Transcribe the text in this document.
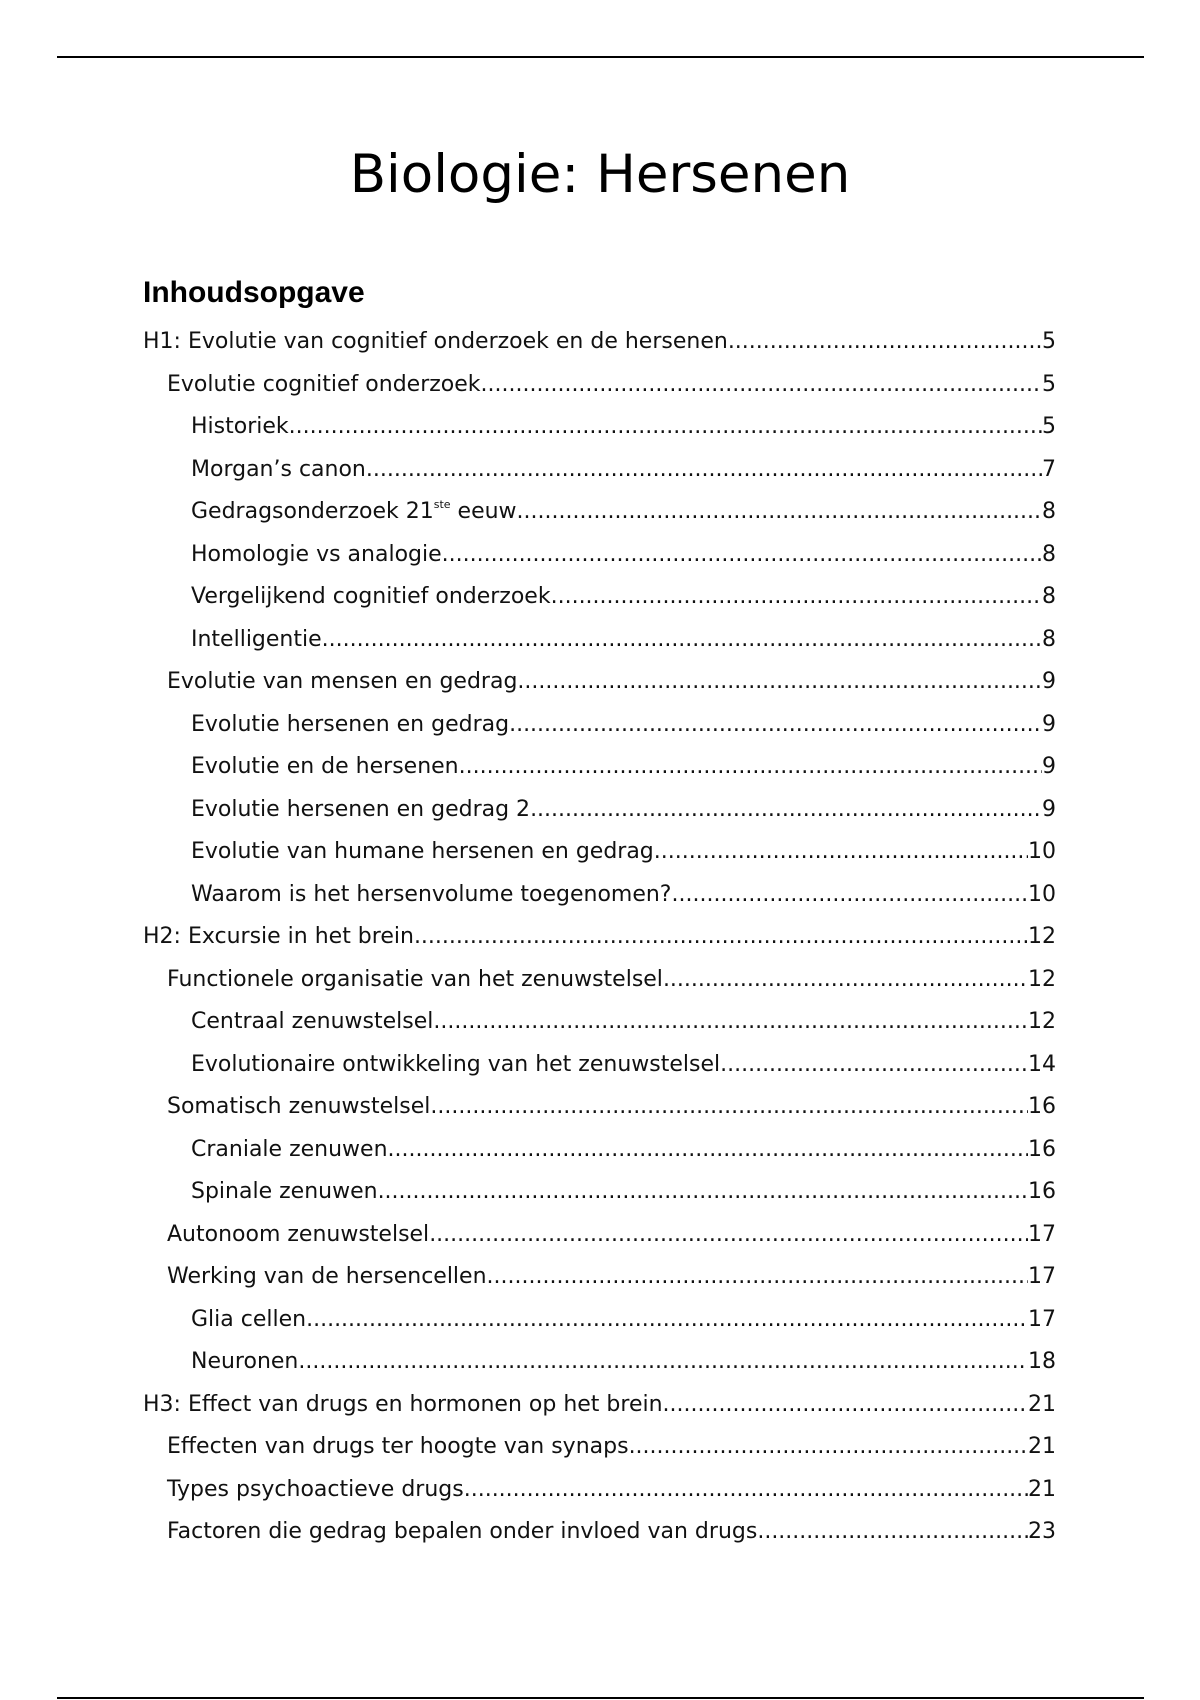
Biologie: Hersenen
Inhoudsopgave
H1: Evolutie van cognitief onderzoek en de hersenen .....	5
Evolutie cognitief onderzoek .....	5
Historiek .....	5
Morgan’s canon .....	7
Gedragsonderzoek 21ste eeuw .....	8
Homologie vs analogie .....	8
Vergelijkend cognitief onderzoek .....	8
Intelligentie .....	8
Evolutie van mensen en gedrag .....	9
Evolutie hersenen en gedrag .....	9
Evolutie en de hersenen .....	9
Evolutie hersenen en gedrag 2 .....	9
Evolutie van humane hersenen en gedrag .....	10
Waarom is het hersenvolume toegenomen? .....	10
H2: Excursie in het brein .....	12
Functionele organisatie van het zenuwstelsel .....	12
Centraal zenuwstelsel .....	12
Evolutionaire ontwikkeling van het zenuwstelsel .....	14
Somatisch zenuwstelsel .....	16
Craniale zenuwen .....	16
Spinale zenuwen .....	16
Autonoom zenuwstelsel .....	17
Werking van de hersencellen .....	17
Glia cellen .....	17
Neuronen .....	18
H3: Effect van drugs en hormonen op het brein .....	21
Effecten van drugs ter hoogte van synaps .....	21
Types psychoactieve drugs .....	21
Factoren die gedrag bepalen onder invloed van drugs .....	23
